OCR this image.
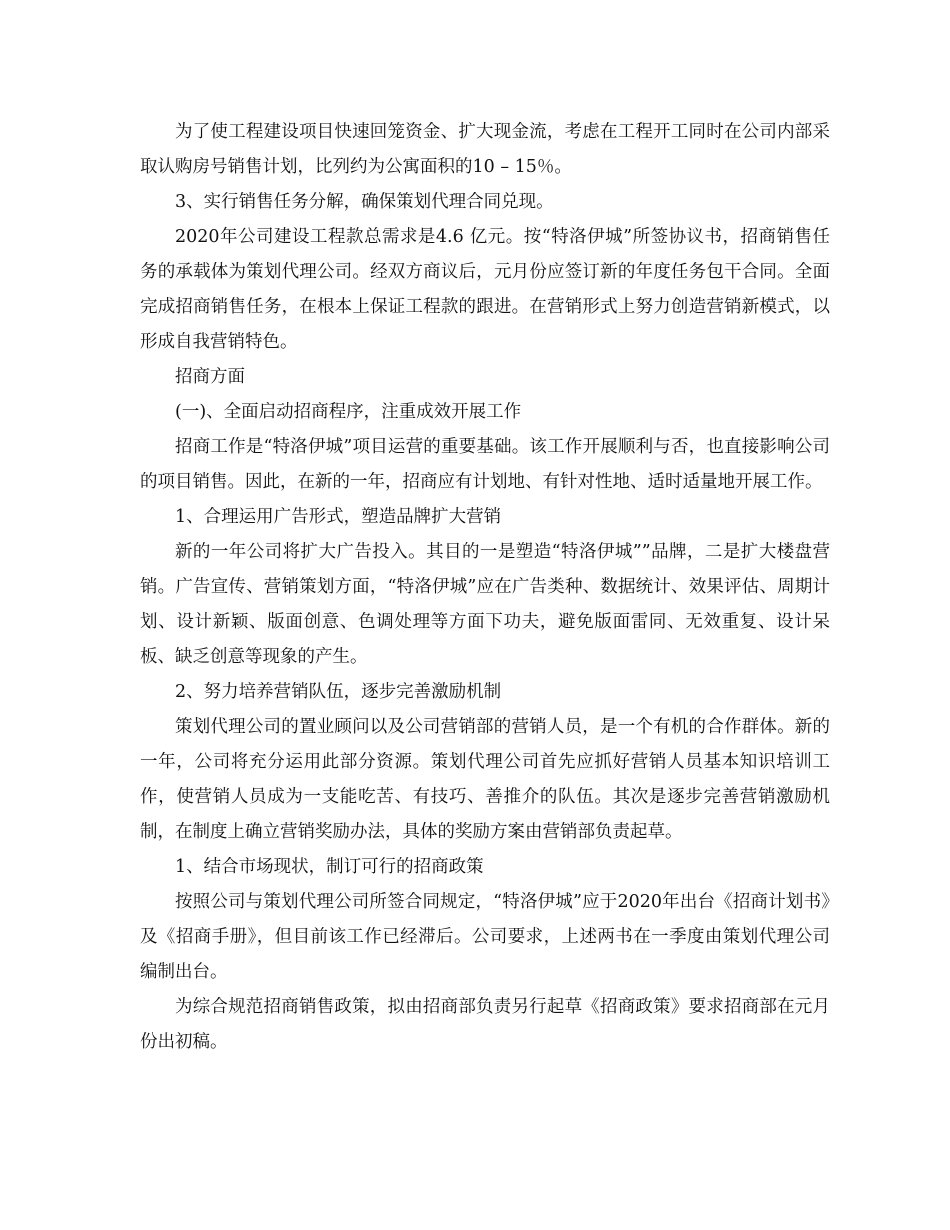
为了使工程建设项目快速回笼资金、扩大现金流，考虑在工程开工同时在公司内部采取认购房号销售计划，比列约为公寓面积的10 – 15％。

3、实行销售任务分解，确保策划代理合同兑现。

2020年公司建设工程款总需求是4.6 亿元。按“特洛伊城”所签协议书，招商销售任务的承载体为策划代理公司。经双方商议后，元月份应签订新的年度任务包干合同。全面完成招商销售任务，在根本上保证工程款的跟进。在营销形式上努力创造营销新模式，以形成自我营销特色。

招商方面

(一)、全面启动招商程序，注重成效开展工作

招商工作是“特洛伊城”项目运营的重要基础。该工作开展顺利与否，也直接影响公司的项目销售。因此，在新的一年，招商应有计划地、有针对性地、适时适量地开展工作。

1、合理运用广告形式，塑造品牌扩大营销

新的一年公司将扩大广告投入。其目的一是塑造“特洛伊城””品牌，二是扩大楼盘营销。广告宣传、营销策划方面，“特洛伊城”应在广告类种、数据统计、效果评估、周期计划、设计新颖、版面创意、色调处理等方面下功夫，避免版面雷同、无效重复、设计呆板、缺乏创意等现象的产生。

2、努力培养营销队伍，逐步完善激励机制

策划代理公司的置业顾问以及公司营销部的营销人员，是一个有机的合作群体。新的一年，公司将充分运用此部分资源。策划代理公司首先应抓好营销人员基本知识培训工作，使营销人员成为一支能吃苦、有技巧、善推介的队伍。其次是逐步完善营销激励机制，在制度上确立营销奖励办法，具体的奖励方案由营销部负责起草。

1、结合市场现状，制订可行的招商政策

按照公司与策划代理公司所签合同规定，“特洛伊城”应于2020年出台《招商计划书》及《招商手册》，但目前该工作已经滞后。公司要求，上述两书在一季度由策划代理公司编制出台。

为综合规范招商销售政策，拟由招商部负责另行起草《招商政策》要求招商部在元月份出初稿。
